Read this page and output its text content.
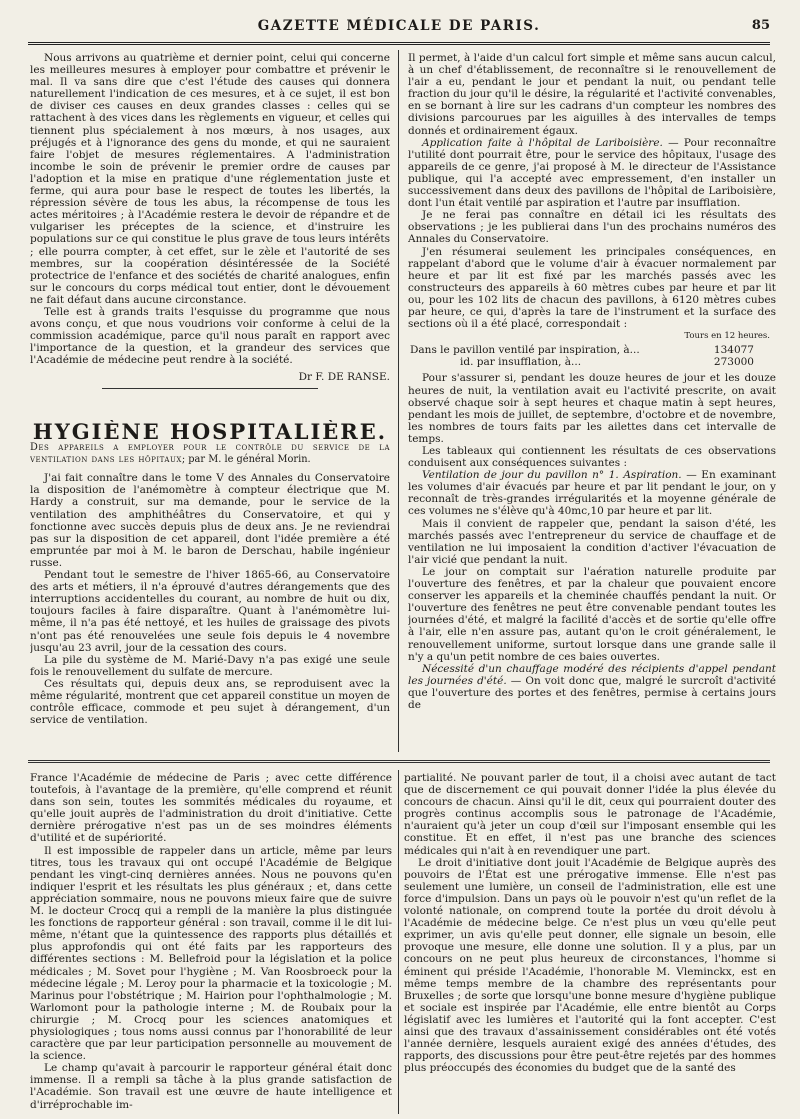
GAZETTE MÉDICALE DE PARIS.	85

Nous arrivons au quatrième et dernier point, celui qui concerne les meilleures mesures à employer pour combattre et prévenir le mal. Il va sans dire que c'est l'étude des causes qui donnera naturellement l'indication de ces mesures, et à ce sujet, il est bon de diviser ces causes en deux grandes classes : celles qui se rattachent à des vices dans les règlements en vigueur, et celles qui tiennent plus spécialement à nos mœurs, à nos usages, aux préjugés et à l'ignorance des gens du monde, et qui ne sauraient faire l'objet de mesures réglementaires. A l'administration incombe le soin de prévenir le premier ordre de causes par l'adoption et la mise en pratique d'une réglementation juste et ferme, qui aura pour base le respect de toutes les libertés, la répression sévère de tous les abus, la récompense de tous les actes méritoires ; à l'Académie restera le devoir de répandre et de vulgariser les préceptes de la science, et d'instruire les populations sur ce qui constitue le plus grave de tous leurs intérêts ; elle pourra compter, à cet effet, sur le zèle et l'autorité de ses membres, sur la coopération désintéressée de la Société protectrice de l'enfance et des sociétés de charité analogues, enfin sur le concours du corps médical tout entier, dont le dévouement ne fait défaut dans aucune circonstance.

Telle est à grands traits l'esquisse du programme que nous avons conçu, et que nous voudrions voir conforme à celui de la commission académique, parce qu'il nous paraît en rapport avec l'importance de la question, et la grandeur des services que l'Académie de médecine peut rendre à la société.

Dr F. DE RANSE.
HYGIÈNE HOSPITALIÈRE.

Des appareils a employer pour le contrôle du service de la ventilation dans les hôpitaux; par M. le général Morin.

J'ai fait connaître dans le tome V des Annales du Conservatoire la disposition de l'anémomètre à compteur électrique que M. Hardy a construit, sur ma demande, pour le service de la ventilation des amphithéâtres du Conservatoire, et qui y fonctionne avec succès depuis plus de deux ans. Je ne reviendrai pas sur la disposition de cet appareil, dont l'idée première a été empruntée par moi à M. le baron de Derschau, habile ingénieur russe.

Pendant tout le semestre de l'hiver 1865-66, au Conservatoire des arts et métiers, il n'a éprouvé d'autres dérangements que des interruptions accidentelles du courant, au nombre de huit ou dix, toujours faciles à faire disparaître. Quant à l'anémomètre lui-même, il n'a pas été nettoyé, et les huiles de graissage des pivots n'ont pas été renouvelées une seule fois depuis le 4 novembre jusqu'au 23 avril, jour de la cessation des cours.

La pile du système de M. Marié-Davy n'a pas exigé une seule fois le renouvellement du sulfate de mercure.

Ces résultats qui, depuis deux ans, se reproduisent avec la même régularité, montrent que cet appareil constitue un moyen de contrôle efficace, commode et peu sujet à dérangement, d'un service de ventilation.

Il permet, à l'aide d'un calcul fort simple et même sans aucun calcul, à un chef d'établissement, de reconnaître si le renouvellement de l'air a eu, pendant le jour et pendant la nuit, ou pendant telle fraction du jour qu'il le désire, la régularité et l'activité convenables, en se bornant à lire sur les cadrans d'un compteur les nombres des divisions parcourues par les aiguilles à des intervalles de temps donnés et ordinairement égaux.

Application faite à l'hôpital de Lariboisière. — Pour reconnaître l'utilité dont pourrait être, pour le service des hôpitaux, l'usage des appareils de ce genre, j'ai proposé à M. le directeur de l'Assistance publique, qui l'a accepté avec empressement, d'en installer un successivement dans deux des pavillons de l'hôpital de Lariboisière, dont l'un était ventilé par aspiration et l'autre par insufflation.

Je ne ferai pas connaître en détail ici les résultats des observations ; je les publierai dans l'un des prochains numéros des Annales du Conservatoire.

J'en résumerai seulement les principales conséquences, en rappelant d'abord que le volume d'air à évacuer normalement par heure et par lit est fixé par les marchés passés avec les constructeurs des appareils à 60 mètres cubes par heure et par lit ou, pour les 102 lits de chacun des pavillons, à 6120 mètres cubes par heure, ce qui, d'après la tare de l'instrument et la surface des sections où il a été placé, correspondait :

Tours en 12 heures.
Dans le pavillon ventilé par inspiration, à...	134077
id. par insufflation, à...	273000

Pour s'assurer si, pendant les douze heures de jour et les douze heures de nuit, la ventilation avait eu l'activité prescrite, on avait observé chaque soir à sept heures et chaque matin à sept heures, pendant les mois de juillet, de septembre, d'octobre et de novembre, les nombres de tours faits par les ailettes dans cet intervalle de temps.

Les tableaux qui contiennent les résultats de ces observations conduisent aux conséquences suivantes :

Ventilation de jour du pavillon n° 1. Aspiration. — En examinant les volumes d'air évacués par heure et par lit pendant le jour, on y reconnaît de très-grandes irrégularités et la moyenne générale de ces volumes ne s'élève qu'à 40mc,10 par heure et par lit.

Mais il convient de rappeler que, pendant la saison d'été, les marchés passés avec l'entrepreneur du service de chauffage et de ventilation ne lui imposaient la condition d'activer l'évacuation de l'air vicié que pendant la nuit.

Le jour on comptait sur l'aération naturelle produite par l'ouverture des fenêtres, et par la chaleur que pouvaient encore conserver les appareils et la cheminée chauffés pendant la nuit. Or l'ouverture des fenêtres ne peut être convenable pendant toutes les journées d'été, et malgré la facilité d'accès et de sortie qu'elle offre à l'air, elle n'en assure pas, autant qu'on le croit généralement, le renouvellement uniforme, surtout lorsque dans une grande salle il n'y a qu'un petit nombre de ces baies ouvertes.

Nécessité d'un chauffage modéré des récipients d'appel pendant les journées d'été. — On voit donc que, malgré le surcroît d'activité que l'ouverture des portes et des fenêtres, permise à certains jours de

France l'Académie de médecine de Paris ; avec cette différence toutefois, à l'avantage de la première, qu'elle comprend et réunit dans son sein, toutes les sommités médicales du royaume, et qu'elle jouit auprès de l'administration du droit d'initiative. Cette dernière prérogative n'est pas un de ses moindres éléments d'utilité et de supériorité.

Il est impossible de rappeler dans un article, même par leurs titres, tous les travaux qui ont occupé l'Académie de Belgique pendant les vingt-cinq dernières années. Nous ne pouvons qu'en indiquer l'esprit et les résultats les plus généraux ; et, dans cette appréciation sommaire, nous ne pouvons mieux faire que de suivre M. le docteur Crocq qui a rempli de la manière la plus distinguée les fonctions de rapporteur général : son travail, comme il le dit lui-même, n'étant que la quintessence des rapports plus détaillés et plus approfondis qui ont été faits par les rapporteurs des différentes sections : M. Bellefroid pour la législation et la police médicales ; M. Sovet pour l'hygiène ; M. Van Roosbroeck pour la médecine légale ; M. Leroy pour la pharmacie et la toxicologie ; M. Marinus pour l'obstétrique ; M. Hairion pour l'ophthalmologie ; M. Warlomont pour la pathologie interne ; M. de Roubaix pour la chirurgie ; M. Crocq pour les sciences anatomiques et physiologiques ; tous noms aussi connus par l'honorabilité de leur caractère que par leur participation personnelle au mouvement de la science.

Le champ qu'avait à parcourir le rapporteur général était donc immense. Il a rempli sa tâche à la plus grande satisfaction de l'Académie. Son travail est une œuvre de haute intelligence et d'irréprochable im-

partialité. Ne pouvant parler de tout, il a choisi avec autant de tact que de discernement ce qui pouvait donner l'idée la plus élevée du concours de chacun. Ainsi qu'il le dit, ceux qui pourraient douter des progrès continus accomplis sous le patronage de l'Académie, n'auraient qu'à jeter un coup d'œil sur l'imposant ensemble qui les constitue. Et en effet, il n'est pas une branche des sciences médicales qui n'ait à en revendiquer une part.

Le droit d'initiative dont jouit l'Académie de Belgique auprès des pouvoirs de l'État est une prérogative immense. Elle n'est pas seulement une lumière, un conseil de l'administration, elle est une force d'impulsion. Dans un pays où le pouvoir n'est qu'un reflet de la volonté nationale, on comprend toute la portée du droit dévolu à l'Académie de médecine belge. Ce n'est plus un vœu qu'elle peut exprimer, un avis qu'elle peut donner, elle signale un besoin, elle provoque une mesure, elle donne une solution. Il y a plus, par un concours on ne peut plus heureux de circonstances, l'homme si éminent qui préside l'Académie, l'honorable M. Vleminckx, est en même temps membre de la chambre des représentants pour Bruxelles ; de sorte que lorsqu'une bonne mesure d'hygiène publique et sociale est inspirée par l'Académie, elle entre bientôt au Corps législatif avec les lumières et l'autorité qui la font accepter. C'est ainsi que des travaux d'assainissement considérables ont été votés l'année dernière, lesquels auraient exigé des années d'études, des rapports, des discussions pour être peut-être rejetés par des hommes plus préoccupés des économies du budget que de la santé des
